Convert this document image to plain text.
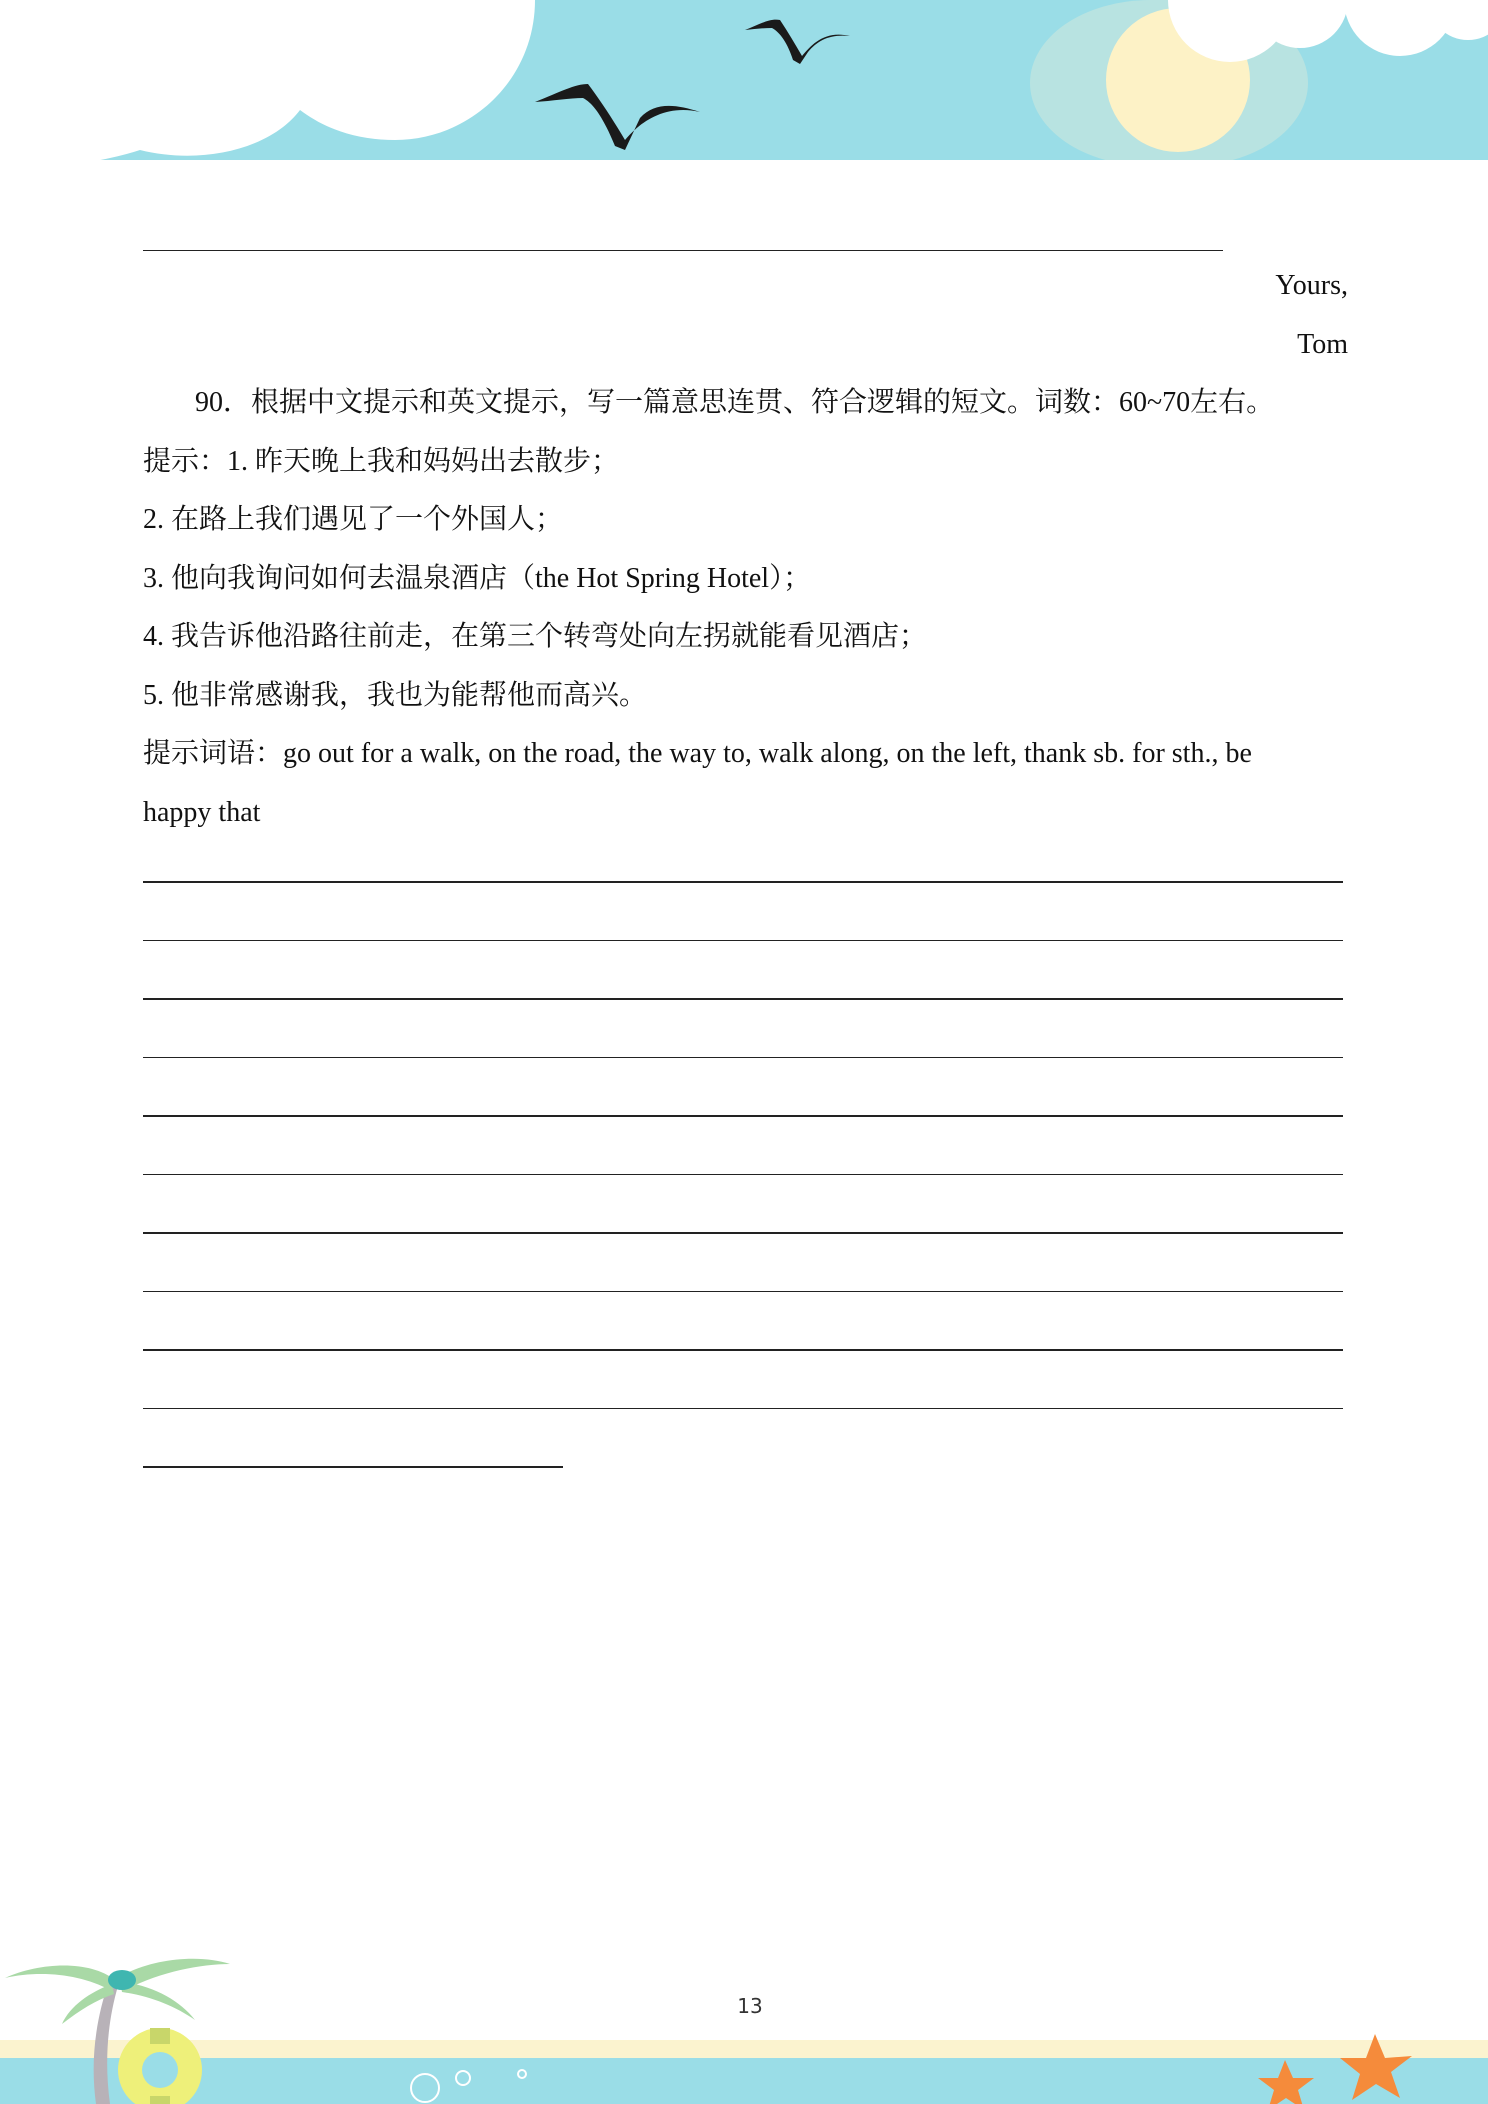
Yours,
Tom
90．根据中文提示和英文提示，写一篇意思连贯、符合逻辑的短文。词数：60~70左右。
提示：1. 昨天晚上我和妈妈出去散步；
2. 在路上我们遇见了一个外国人；
3. 他向我询问如何去温泉酒店（the Hot Spring Hotel）；
4. 我告诉他沿路往前走，在第三个转弯处向左拐就能看见酒店；
5. 他非常感谢我，我也为能帮他而高兴。
提示词语：go out for a walk, on the road, the way to, walk along, on the left, thank sb. for sth., be
happy that
13
